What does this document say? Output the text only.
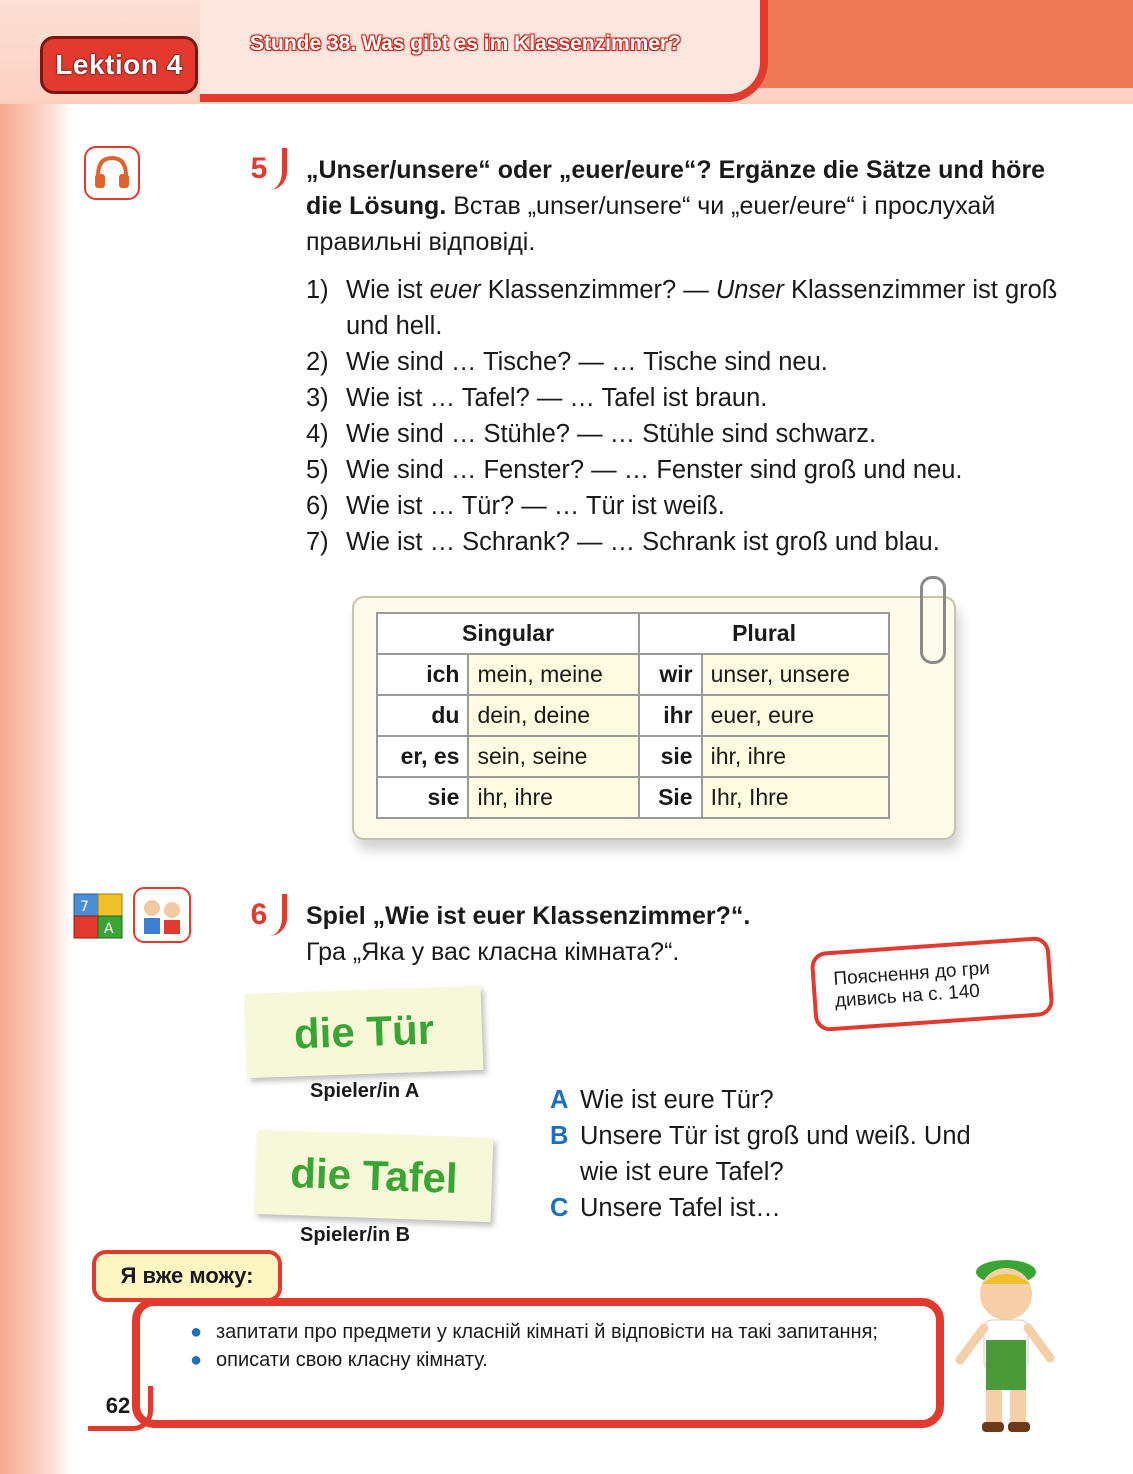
Lektion 4
Stunde 38. Was gibt es im Klassenzimmer?
5	„Unser/unsere“ oder „euer/eure“? Ergänze die Sätze und höre die Lösung. Встав „unser/unsere“ чи „euer/eure“ і прослухай правильні відповіді.
1) Wie ist euer Klassenzimmer? — Unser Klassenzimmer ist groß und hell.
2) Wie sind … Tische? — … Tische sind neu.
3) Wie ist … Tafel? — … Tafel ist braun.
4) Wie sind … Stühle? — … Stühle sind schwarz.
5) Wie sind … Fenster? — … Fenster sind groß und neu.
6) Wie ist … Tür? — … Tür ist weiß.
7) Wie ist … Schrank? — … Schrank ist groß und blau.
Singular		Plural	
ich	mein, meine	wir	unser, unsere
du	dein, deine	ihr	euer, eure
er, es	sein, seine	sie	ihr, ihre
sie	ihr, ihre	Sie	Ihr, Ihre
7
A	6	Spiel „Wie ist euer Klassenzimmer?“.
Гра „Яка у вас класна кімната?“.
Пояснення до гри
дивись на с. 140
die Tür
Spieler/in A
die Tafel
Spieler/in B
A Wie ist eure Tür?
B Unsere Tür ist groß und weiß. Und wie ist eure Tafel?
C Unsere Tafel ist…
Я вже можу:
● запитати про предмети у класній кімнаті й відповісти на такі запитання;
● описати свою класну кімнату.
62
